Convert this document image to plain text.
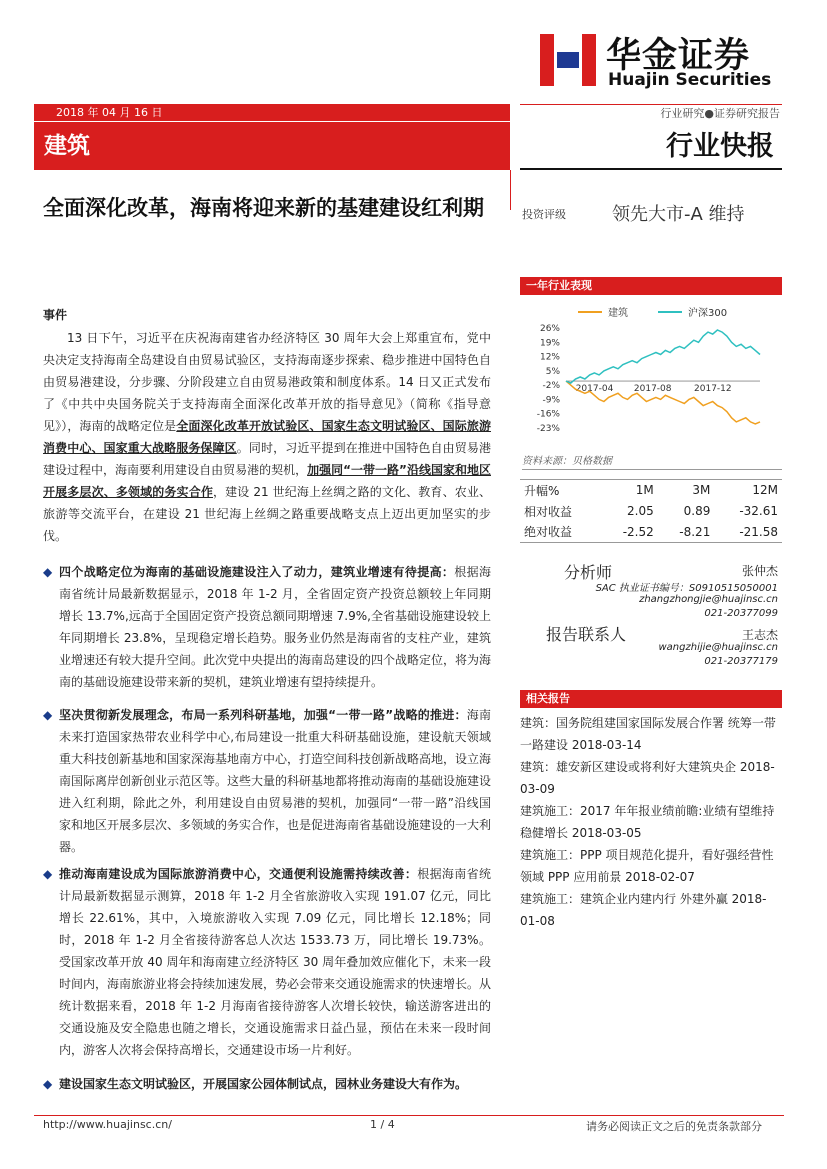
华金证券
Huajin Securities
2018 年 04 月 16 日	行业研究●证券研究报告
建筑	行业快报
全面深化改革，海南将迎来新的基建建设红利期	投资评级	领先大市-A 维持
一年行业表现
建筑	沪深300
26%
19%
12%
5%
-2%
-9%
-16%
-23%
2017-04 2017-08	2017-12
资料来源：贝格数据
升幅%	1M	3M	12M
相对收益	2.05	0.89	-32.61
绝对收益	-2.52	-8.21	-21.58
分析师	张仲杰
SAC 执业证书编号：S0910515050001
zhangzhongjie@huajinsc.cn
021-20377099
报告联系人	王志杰
wangzhijie@huajinsc.cn
021-20377179
相关报告
建筑：国务院组建国家国际发展合作署 统筹一带一路建设 2018-03-14
建筑：雄安新区建设或将利好大建筑央企 2018-03-09
建筑施工：2017 年年报业绩前瞻:业绩有望维持稳健增长 2018-03-05
建筑施工：PPP 项目规范化提升，看好强经营性领域 PPP 应用前景 2018-02-07
建筑施工：建筑企业内建内行 外建外赢 2018-01-08
事件
13 日下午，习近平在庆祝海南建省办经济特区 30 周年大会上郑重宣布，党中央决定支持海南全岛建设自由贸易试验区，支持海南逐步探索、稳步推进中国特色自由贸易港建设，分步骤、分阶段建立自由贸易港政策和制度体系。14 日又正式发布了《中共中央国务院关于支持海南全面深化改革开放的指导意见》（简称《指导意见》），海南的战略定位是全面深化改革开放试验区、国家生态文明试验区、国际旅游消费中心、国家重大战略服务保障区。同时，习近平提到在推进中国特色自由贸易港建设过程中，海南要利用建设自由贸易港的契机，加强同“一带一路”沿线国家和地区开展多层次、多领域的务实合作，建设 21 世纪海上丝绸之路的文化、教育、农业、旅游等交流平台，在建设 21 世纪海上丝绸之路重要战略支点上迈出更加坚实的步伐。
◆ 四个战略定位为海南的基础设施建设注入了动力，建筑业增速有待提高：根据海南省统计局最新数据显示，2018 年 1-2 月，全省固定资产投资总额较上年同期增长 13.7%,远高于全国固定资产投资总额同期增速 7.9%,全省基础设施建设较上年同期增长 23.8%，呈现稳定增长趋势。服务业仍然是海南省的支柱产业，建筑业增速还有较大提升空间。此次党中央提出的海南岛建设的四个战略定位，将为海南的基础设施建设带来新的契机，建筑业增速有望持续提升。
◆ 坚决贯彻新发展理念，布局一系列科研基地，加强“一带一路”战略的推进：海南未来打造国家热带农业科学中心,布局建设一批重大科研基础设施，建设航天领域重大科技创新基地和国家深海基地南方中心，打造空间科技创新战略高地，设立海南国际离岸创新创业示范区等。这些大量的科研基地都将推动海南的基础设施建设进入红利期，除此之外，利用建设自由贸易港的契机，加强同“一带一路”沿线国家和地区开展多层次、多领域的务实合作，也是促进海南省基础设施建设的一大利器。
◆ 推动海南建设成为国际旅游消费中心，交通便利设施需持续改善：根据海南省统计局最新数据显示测算，2018 年 1-2 月全省旅游收入实现 191.07 亿元，同比增长 22.61%，其中，入境旅游收入实现 7.09 亿元，同比增长 12.18%；同时，2018 年 1-2 月全省接待游客总人次达 1533.73 万，同比增长 19.73%。受国家改革开放 40 周年和海南建立经济特区 30 周年叠加效应催化下，未来一段时间内，海南旅游业将会持续加速发展，势必会带来交通设施需求的快速增长。从统计数据来看，2018 年 1-2 月海南省接待游客人次增长较快，输送游客进出的交通设施及安全隐患也随之增长，交通设施需求日益凸显，预估在未来一段时间内，游客人次将会保持高增长，交通建设市场一片利好。
◆ 建设国家生态文明试验区，开展国家公园体制试点，园林业务建设大有作为。
http://www.huajinsc.cn/	1 / 4	请务必阅读正文之后的免责条款部分
